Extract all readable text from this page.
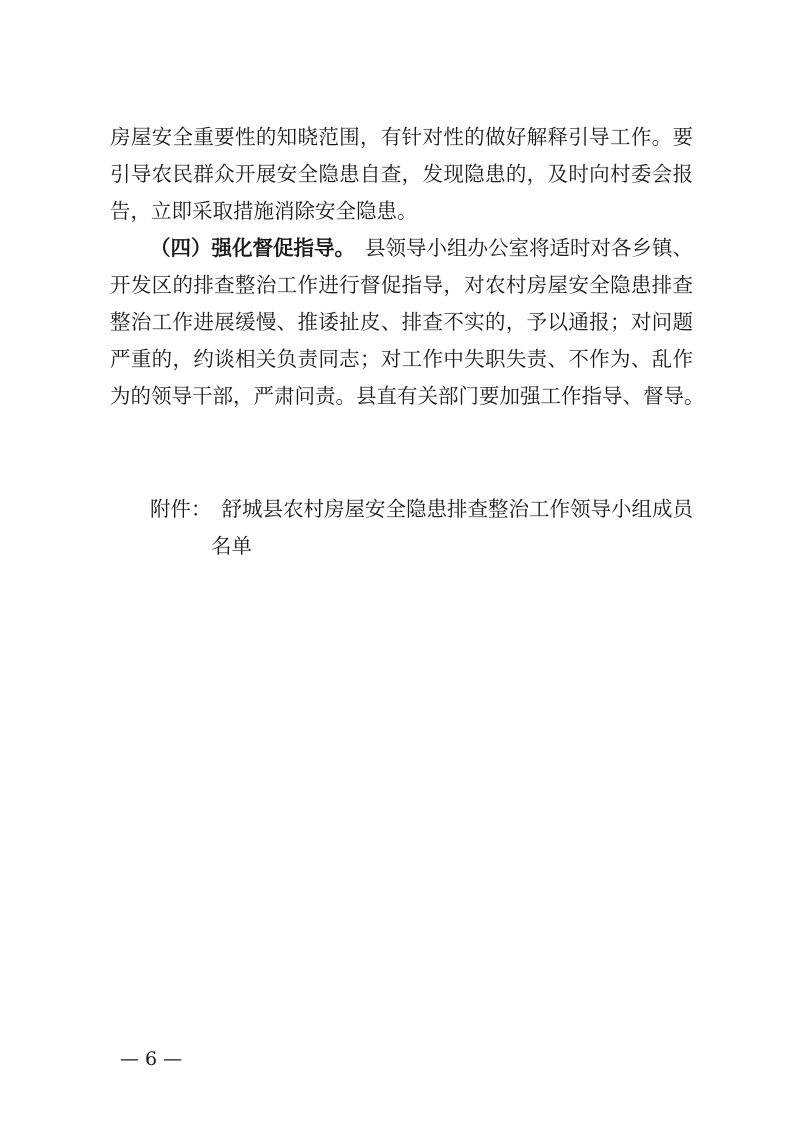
房屋安全重要性的知晓范围，有针对性的做好解释引导工作。要
引导农民群众开展安全隐患自查，发现隐患的，及时向村委会报
告，立即采取措施消除安全隐患。
（四）强化督促指导。 县领导小组办公室将适时对各乡镇、
开发区的排查整治工作进行督促指导，对农村房屋安全隐患排查
整治工作进展缓慢、推诿扯皮、排查不实的，予以通报；对问题
严重的，约谈相关负责同志；对工作中失职失责、不作为、乱作
为的领导干部，严肃问责。县直有关部门要加强工作指导、督导。
附件： 舒城县农村房屋安全隐患排查整治工作领导小组成员
名单
— 6 —
